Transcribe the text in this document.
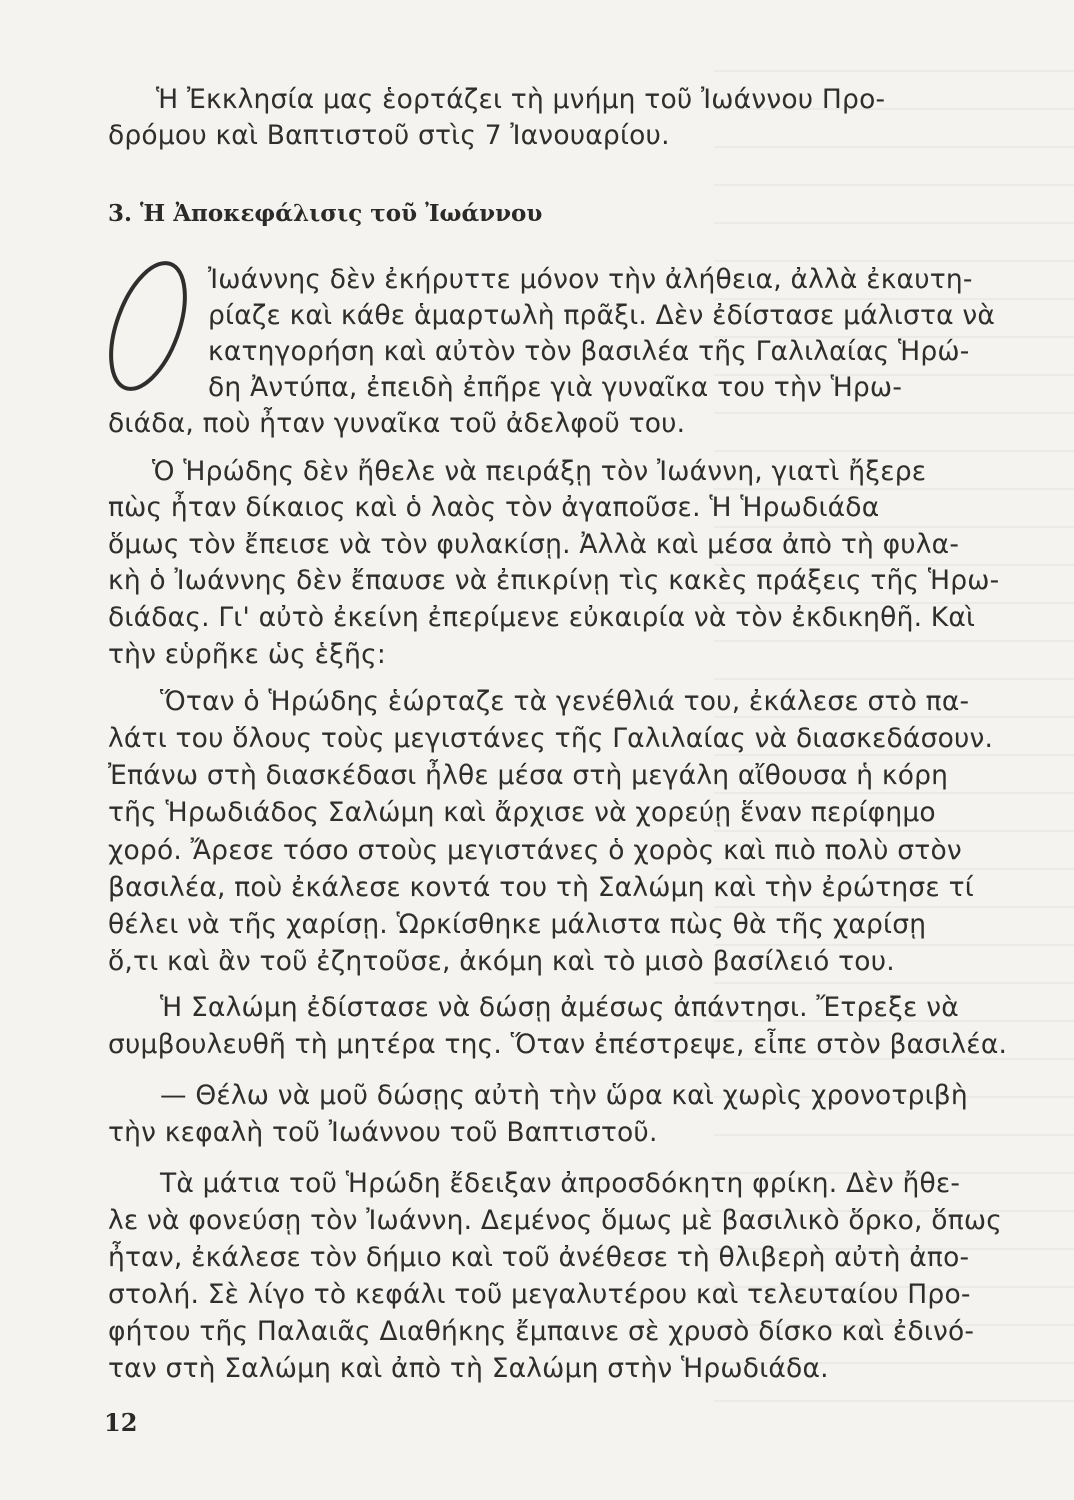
Ἡ Ἐκκλησία μας ἑορτάζει τὴ μνήμη τοῦ Ἰωάννου Προ-
δρόμου καὶ Βαπτιστοῦ στὶς 7 Ἰανουαρίου.
3. Ἡ Ἀποκεφάλισις τοῦ Ἰωάννου
Ο
Ἰωάννης δὲν ἐκήρυττε μόνον τὴν ἀλήθεια, ἀλλὰ ἐκαυτη-
ρίαζε καὶ κάθε ἁμαρτωλὴ πρᾶξι. Δὲν ἐδίστασε μάλιστα νὰ
κατηγορήση καὶ αὐτὸν τὸν βασιλέα τῆς Γαλιλαίας Ἡρώ-
δη Ἀντύπα, ἐπειδὴ ἐπῆρε γιὰ γυναῖκα του τὴν Ἡρω-
διάδα, ποὺ ἦταν γυναῖκα τοῦ ἀδελφοῦ του.
Ὁ Ἡρώδης δὲν ἤθελε νὰ πειράξῃ τὸν Ἰωάννη, γιατὶ ἤξερε
πὼς ἦταν δίκαιος καὶ ὁ λαὸς τὸν ἀγαποῦσε. Ἡ Ἡρωδιάδα
ὅμως τὸν ἔπεισε νὰ τὸν φυλακίσῃ. Ἀλλὰ καὶ μέσα ἀπὸ τὴ φυλα-
κὴ ὁ Ἰωάννης δὲν ἔπαυσε νὰ ἐπικρίνῃ τὶς κακὲς πράξεις τῆς Ἡρω-
διάδας. Γι' αὐτὸ ἐκείνη ἐπερίμενε εὐκαιρία νὰ τὸν ἐκδικηθῆ. Καὶ
τὴν εὑρῆκε ὡς ἑξῆς:
Ὅταν ὁ Ἡρώδης ἑώρταζε τὰ γενέθλιά του, ἐκάλεσε στὸ πα-
λάτι του ὅλους τοὺς μεγιστάνες τῆς Γαλιλαίας νὰ διασκεδάσουν.
Ἐπάνω στὴ διασκέδασι ἦλθε μέσα στὴ μεγάλη αἴθουσα ἡ κόρη
τῆς Ἡρωδιάδος Σαλώμη καὶ ἄρχισε νὰ χορεύῃ ἕναν περίφημο
χορό. Ἄρεσε τόσο στοὺς μεγιστάνες ὁ χορὸς καὶ πιὸ πολὺ στὸν
βασιλέα, ποὺ ἐκάλεσε κοντά του τὴ Σαλώμη καὶ τὴν ἐρώτησε τί
θέλει νὰ τῆς χαρίσῃ. Ὡρκίσθηκε μάλιστα πὼς θὰ τῆς χαρίσῃ
ὅ,τι καὶ ἂν τοῦ ἐζητοῦσε, ἀκόμη καὶ τὸ μισὸ βασίλειό του.
Ἡ Σαλώμη ἐδίστασε νὰ δώσῃ ἀμέσως ἀπάντησι. Ἔτρεξε νὰ
συμβουλευθῆ τὴ μητέρα της. Ὅταν ἐπέστρεψε, εἶπε στὸν βασιλέα.
— Θέλω νὰ μοῦ δώσῃς αὐτὴ τὴν ὥρα καὶ χωρὶς χρονοτριβὴ
τὴν κεφαλὴ τοῦ Ἰωάννου τοῦ Βαπτιστοῦ.
Τὰ μάτια τοῦ Ἡρώδη ἔδειξαν ἀπροσδόκητη φρίκη. Δὲν ἤθε-
λε νὰ φονεύσῃ τὸν Ἰωάννη. Δεμένος ὅμως μὲ βασιλικὸ ὅρκο, ὅπως
ἦταν, ἐκάλεσε τὸν δήμιο καὶ τοῦ ἀνέθεσε τὴ θλιβερὴ αὐτὴ ἀπο-
στολή. Σὲ λίγο τὸ κεφάλι τοῦ μεγαλυτέρου καὶ τελευταίου Προ-
φήτου τῆς Παλαιᾶς Διαθήκης ἔμπαινε σὲ χρυσὸ δίσκο καὶ ἐδινό-
ταν στὴ Σαλώμη καὶ ἀπὸ τὴ Σαλώμη στὴν Ἡρωδιάδα.
12
